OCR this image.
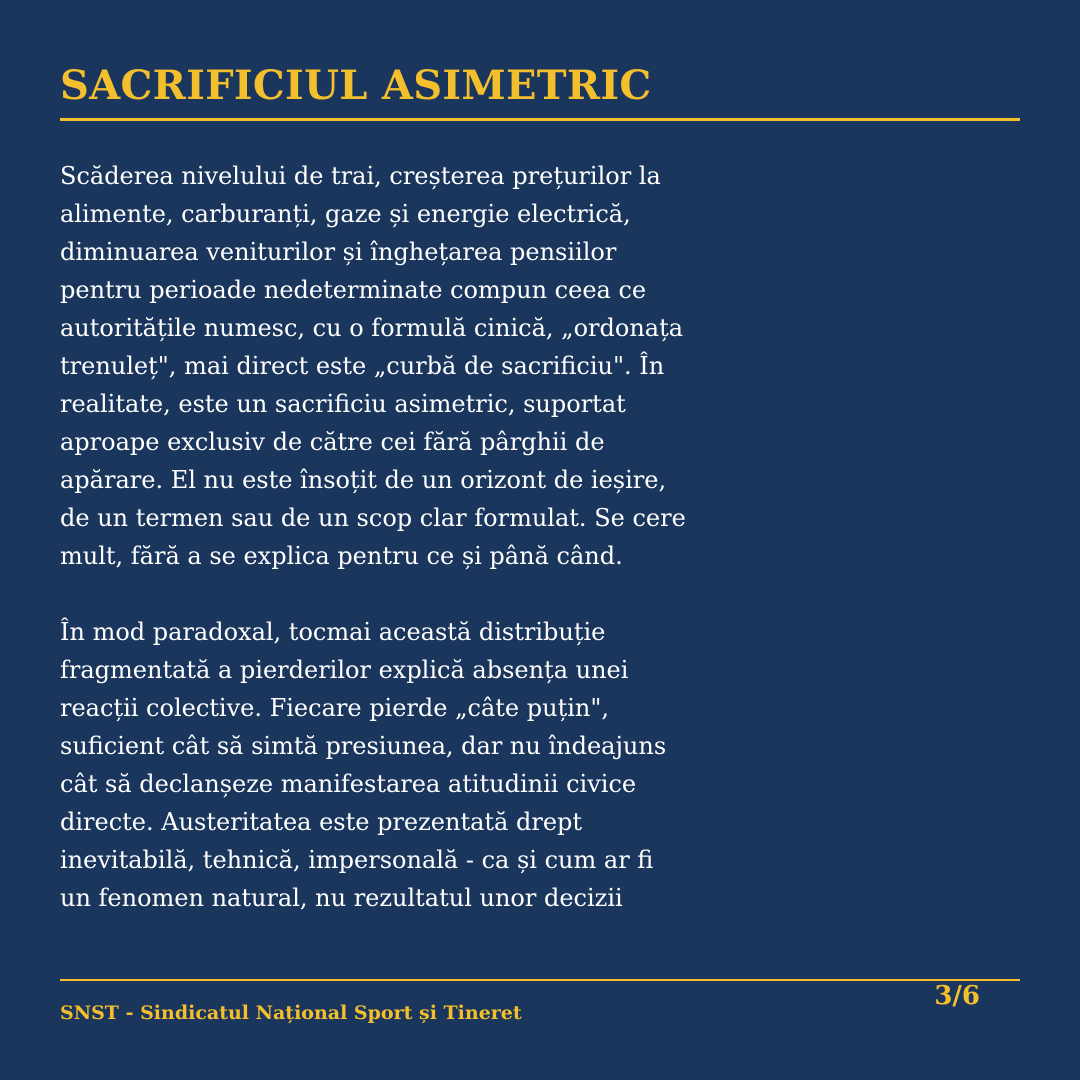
SACRIFICIUL ASIMETRIC

Scăderea nivelului de trai, creșterea prețurilor la
alimente, carburanți, gaze și energie electrică,
diminuarea veniturilor și înghețarea pensiilor
pentru perioade nedeterminate compun ceea ce
autoritățile numesc, cu o formulă cinică, „ordonața
trenuleț", mai direct este „curbă de sacrificiu". În
realitate, este un sacrificiu asimetric, suportat
aproape exclusiv de către cei fără pârghii de
apărare. El nu este însoțit de un orizont de ieșire,
de un termen sau de un scop clar formulat. Se cere
mult, fără a se explica pentru ce și până când.

În mod paradoxal, tocmai această distribuție
fragmentată a pierderilor explică absența unei
reacții colective. Fiecare pierde „câte puțin",
suficient cât să simtă presiunea, dar nu îndeajuns
cât să declanșeze manifestarea atitudinii civice
directe. Austeritatea este prezentată drept
inevitabilă, tehnică, impersonală - ca și cum ar fi
un fenomen natural, nu rezultatul unor decizii

SNST - Sindicatul Național Sport și Tineret
3/6
